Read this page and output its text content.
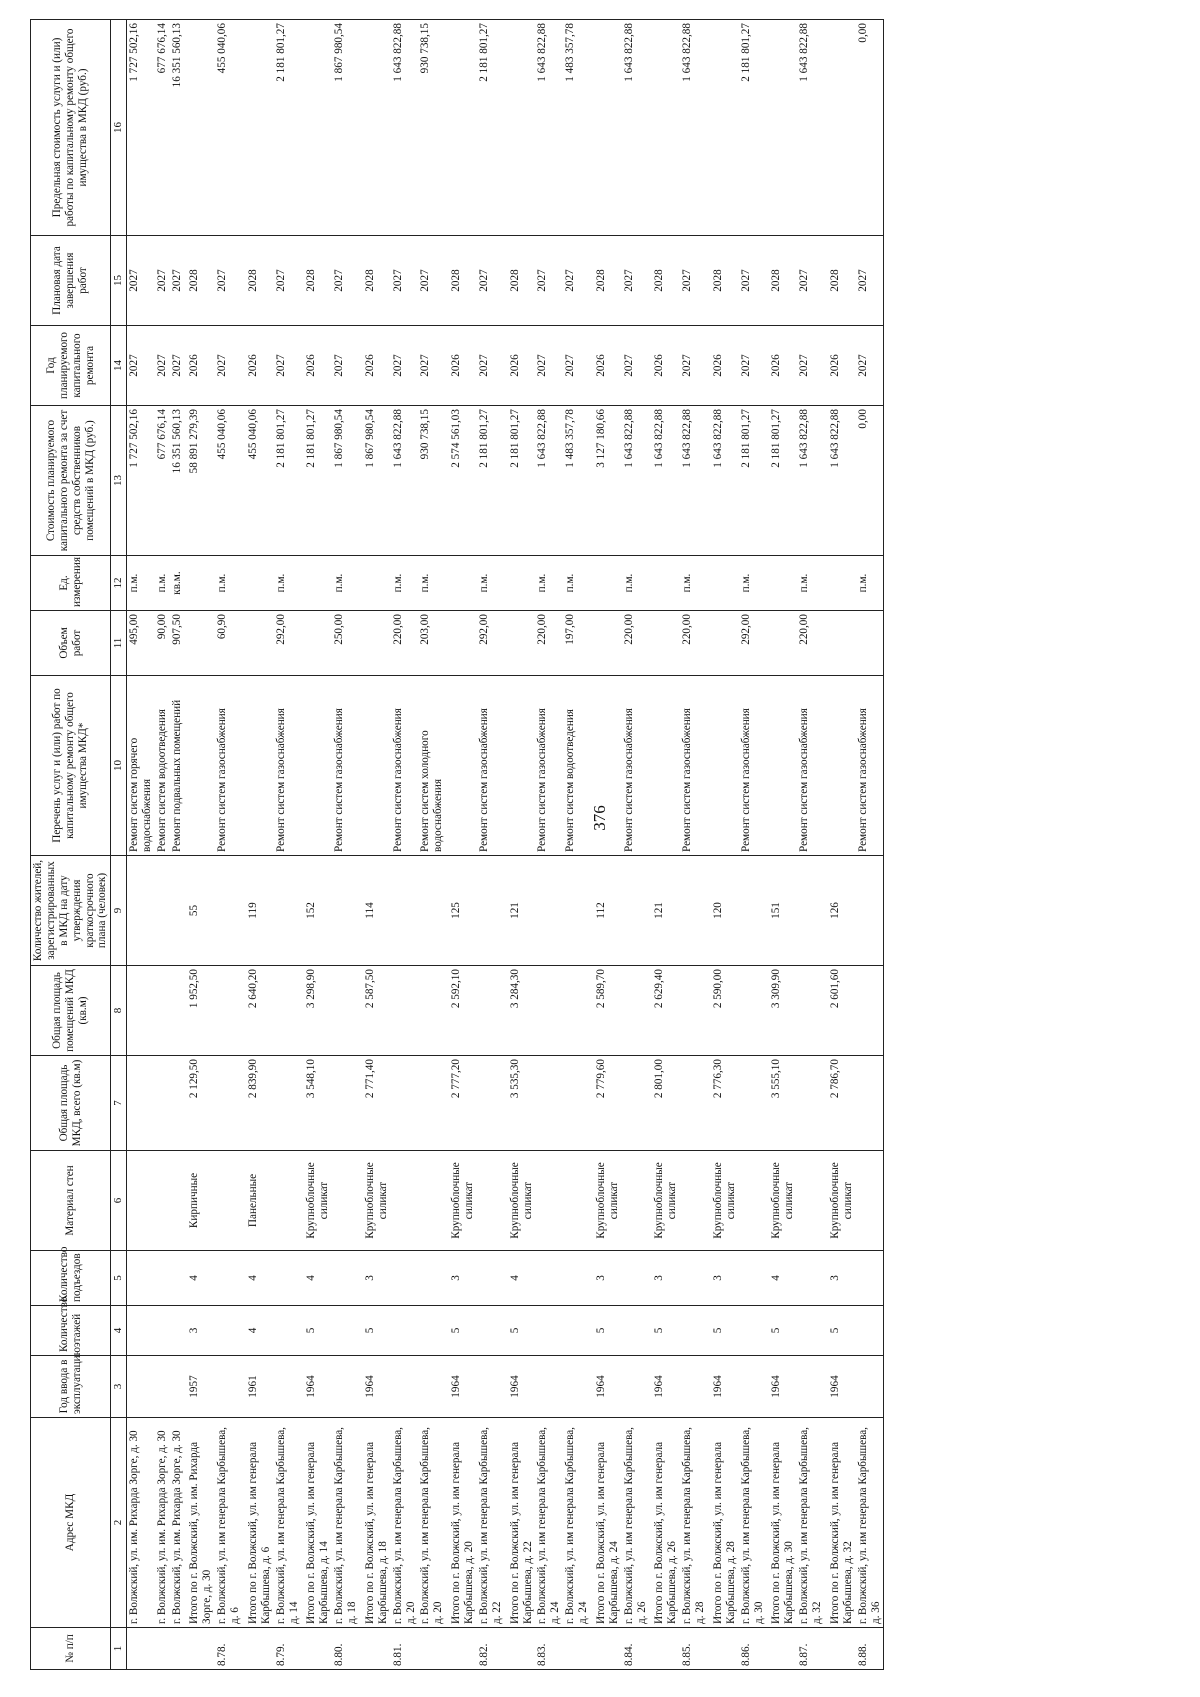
376
№ п/п	Адрес МКД	Год ввода в эксплуатацию	Количество этажей	Количество подъездов	Материал стен	Общая площадь МКД, всего (кв.м)	Общая площадь помещений МКД (кв.м)	Количество жителей, зарегистрированных в МКД на дату утверждения краткосрочного плана (человек)	Перечень услуг и (или) работ по капитальному ремонту общего имущества МКД*	Объем работ	Ед. измерения	Стоимость планируемого капитального ремонта за счет средств собственников помещений в МКД (руб.)	Год планируемого капитального ремонта	Плановая дата завершения работ	Предельная стоимость услуги и (или) работы по капитальному ремонту общего имущества в МКД (руб.)
1	2	3	4	5	6	7	8	9	10	11	12	13	14	15	16
	г. Волжский, ул. им. Рихарда Зорге, д. 30								Ремонт систем горячего водоснабжения	495,00	п.м.	1 727 502,16	2027	2027	1 727 502,16
	г. Волжский, ул. им. Рихарда Зорге, д. 30								Ремонт систем водоотведения	90,00	п.м.	677 676,14	2027	2027	677 676,14
	г. Волжский, ул. им. Рихарда Зорге, д. 30								Ремонт подвальных помещений	907,50	кв.м.	16 351 560,13	2027	2027	16 351 560,13
	Итого по г. Волжский, ул. им. Рихарда Зорге, д. 30	1957	3	4	Кирпичные	2 129,50	1 952,50	55				58 891 279,39	2026	2028	
8.78.	г. Волжский, ул. им генерала Карбышева, д. 6								Ремонт систем газоснабжения	60,90	п.м.	455 040,06	2027	2027	455 040,06
	Итого по г. Волжский, ул. им генерала Карбышева, д. 6	1961	4	4	Панельные	2 839,90	2 640,20	119				455 040,06	2026	2028	
8.79.	г. Волжский, ул. им генерала Карбышева, д. 14								Ремонт систем газоснабжения	292,00	п.м.	2 181 801,27	2027	2027	2 181 801,27
	Итого по г. Волжский, ул. им генерала Карбышева, д. 14	1964	5	4	Крупноблочные силикат	3 548,10	3 298,90	152				2 181 801,27	2026	2028	
8.80.	г. Волжский, ул. им генерала Карбышева, д. 18								Ремонт систем газоснабжения	250,00	п.м.	1 867 980,54	2027	2027	1 867 980,54
	Итого по г. Волжский, ул. им генерала Карбышева, д. 18	1964	5	3	Крупноблочные силикат	2 771,40	2 587,50	114				1 867 980,54	2026	2028	
8.81.	г. Волжский, ул. им генерала Карбышева, д. 20								Ремонт систем газоснабжения	220,00	п.м.	1 643 822,88	2027	2027	1 643 822,88
	г. Волжский, ул. им генерала Карбышева, д. 20								Ремонт систем холодного водоснабжения	203,00	п.м.	930 738,15	2027	2027	930 738,15
	Итого по г. Волжский, ул. им генерала Карбышева, д. 20	1964	5	3	Крупноблочные силикат	2 777,20	2 592,10	125				2 574 561,03	2026	2028	
8.82.	г. Волжский, ул. им генерала Карбышева, д. 22								Ремонт систем газоснабжения	292,00	п.м.	2 181 801,27	2027	2027	2 181 801,27
	Итого по г. Волжский, ул. им генерала Карбышева, д. 22	1964	5	4	Крупноблочные силикат	3 535,30	3 284,30	121				2 181 801,27	2026	2028	
8.83.	г. Волжский, ул. им генерала Карбышева, д. 24								Ремонт систем газоснабжения	220,00	п.м.	1 643 822,88	2027	2027	1 643 822,88
	г. Волжский, ул. им генерала Карбышева, д. 24								Ремонт систем водоотведения	197,00	п.м.	1 483 357,78	2027	2027	1 483 357,78
	Итого по г. Волжский, ул. им генерала Карбышева, д. 24	1964	5	3	Крупноблочные силикат	2 779,60	2 589,70	112				3 127 180,66	2026	2028	
8.84.	г. Волжский, ул. им генерала Карбышева, д. 26								Ремонт систем газоснабжения	220,00	п.м.	1 643 822,88	2027	2027	1 643 822,88
	Итого по г. Волжский, ул. им генерала Карбышева, д. 26	1964	5	3	Крупноблочные силикат	2 801,00	2 629,40	121				1 643 822,88	2026	2028	
8.85.	г. Волжский, ул. им генерала Карбышева, д. 28								Ремонт систем газоснабжения	220,00	п.м.	1 643 822,88	2027	2027	1 643 822,88
	Итого по г. Волжский, ул. им генерала Карбышева, д. 28	1964	5	3	Крупноблочные силикат	2 776,30	2 590,00	120				1 643 822,88	2026	2028	
8.86.	г. Волжский, ул. им генерала Карбышева, д. 30								Ремонт систем газоснабжения	292,00	п.м.	2 181 801,27	2027	2027	2 181 801,27
	Итого по г. Волжский, ул. им генерала Карбышева, д. 30	1964	5	4	Крупноблочные силикат	3 555,10	3 309,90	151				2 181 801,27	2026	2028	
8.87.	г. Волжский, ул. им генерала Карбышева, д. 32								Ремонт систем газоснабжения	220,00	п.м.	1 643 822,88	2027	2027	1 643 822,88
	Итого по г. Волжский, ул. им генерала Карбышева, д. 32	1964	5	3	Крупноблочные силикат	2 786,70	2 601,60	126				1 643 822,88	2026	2028	
8.88.	г. Волжский, ул. им генерала Карбышева, д. 36								Ремонт систем газоснабжения		п.м.	0,00	2027	2027	0,00
